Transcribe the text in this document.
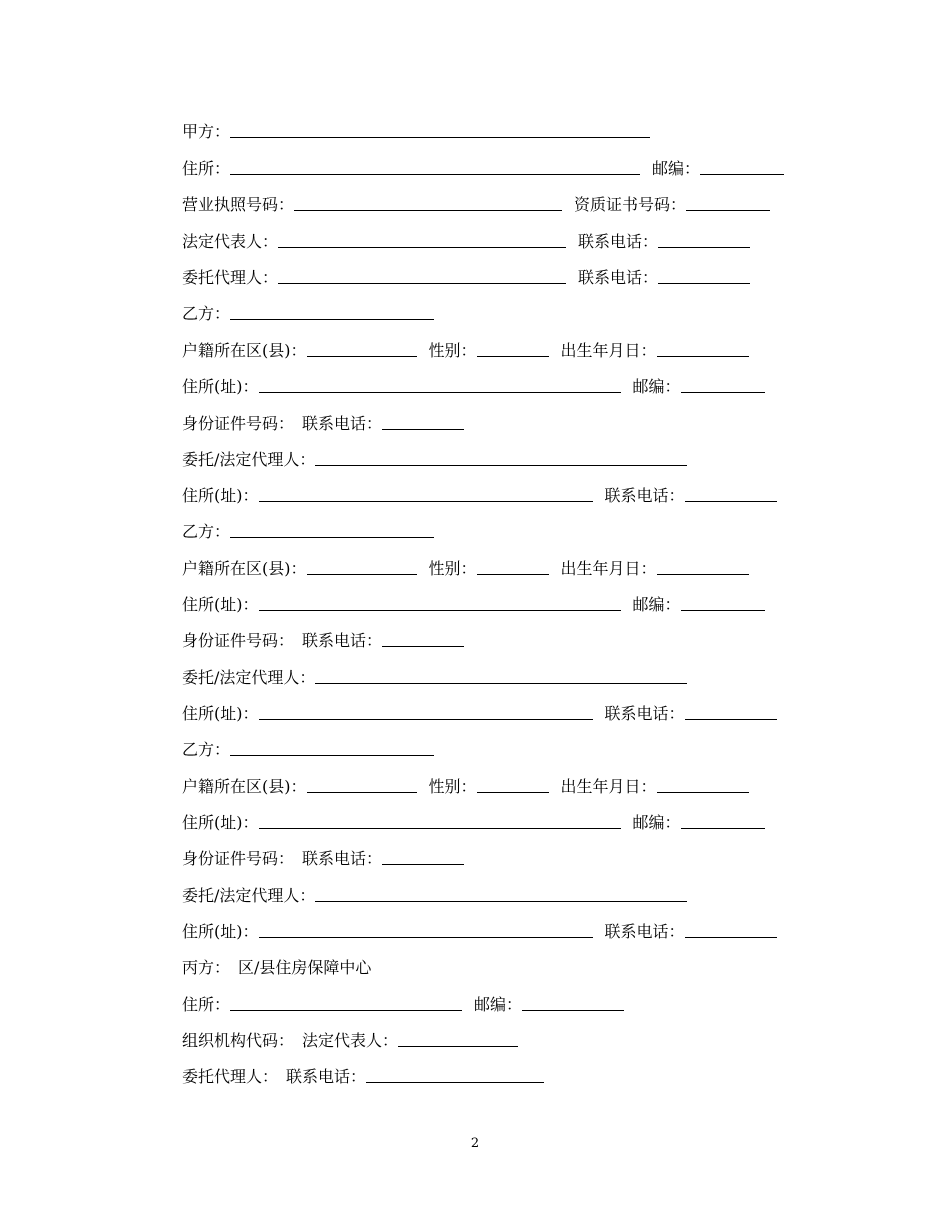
甲方：
住所：	邮编：
营业执照号码：	资质证书号码：
法定代表人：	联系电话：
委托代理人：	联系电话：
乙方：
户籍所在区(县)：	性别：	出生年月日：
住所(址)：	邮编：
身份证件号码： 联系电话：
委托/法定代理人：
住所(址)：	联系电话：
乙方：
户籍所在区(县)：	性别：	出生年月日：
住所(址)：	邮编：
身份证件号码： 联系电话：
委托/法定代理人：
住所(址)：	联系电话：
乙方：
户籍所在区(县)：	性别：	出生年月日：
住所(址)：	邮编：
身份证件号码： 联系电话：
委托/法定代理人：
住所(址)：	联系电话：
丙方： 区/县住房保障中心
住所：	邮编：
组织机构代码： 法定代表人：
委托代理人： 联系电话：
2
